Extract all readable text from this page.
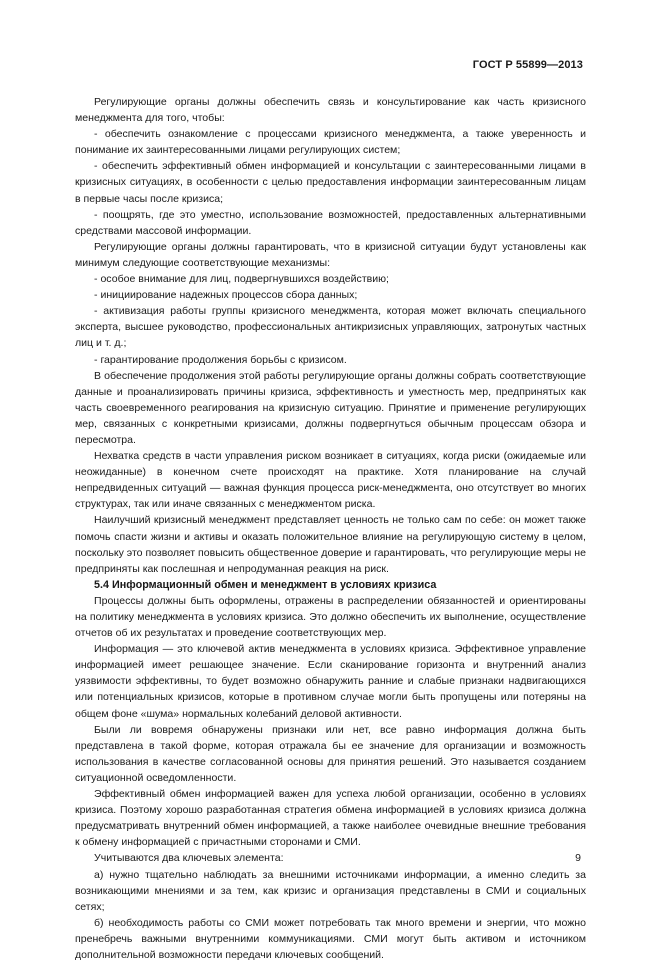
ГОСТ Р 55899—2013

Регулирующие органы должны обеспечить связь и консультирование как часть кризисного менеджмента для того, чтобы:

- обеспечить ознакомление с процессами кризисного менеджмента, а также уверенность и понимание их заинтересованными лицами регулирующих систем;

- обеспечить эффективный обмен информацией и консультации с заинтересованными лицами в кризисных ситуациях, в особенности с целью предоставления информации заинтересованным лицам в первые часы после кризиса;

- поощрять, где это уместно, использование возможностей, предоставленных альтернативными средствами массовой информации.

Регулирующие органы должны гарантировать, что в кризисной ситуации будут установлены как минимум следующие соответствующие механизмы:

- особое внимание для лиц, подвергнувшихся воздействию;

- инициирование надежных процессов сбора данных;

- активизация работы группы кризисного менеджмента, которая может включать специального эксперта, высшее руководство, профессиональных антикризисных управляющих, затронутых частных лиц и т. д.;

- гарантирование продолжения борьбы с кризисом.

В обеспечение продолжения этой работы регулирующие органы должны собрать соответствующие данные и проанализировать причины кризиса, эффективность и уместность мер, предпринятых как часть своевременного реагирования на кризисную ситуацию. Принятие и применение регулирующих мер, связанных с конкретными кризисами, должны подвергнуться обычным процессам обзора и пересмотра.

Нехватка средств в части управления риском возникает в ситуациях, когда риски (ожидаемые или неожиданные) в конечном счете происходят на практике. Хотя планирование на случай непредвиденных ситуаций — важная функция процесса риск-менеджмента, оно отсутствует во многих структурах, так или иначе связанных с менеджментом риска.

Наилучший кризисный менеджмент представляет ценность не только сам по себе: он может также помочь спасти жизни и активы и оказать положительное влияние на регулирующую систему в целом, поскольку это позволяет повысить общественное доверие и гарантировать, что регулирующие меры не предприняты как послешная и непродуманная реакция на риск.

5.4 Информационный обмен и менеджмент в условиях кризиса

Процессы должны быть оформлены, отражены в распределении обязанностей и ориентированы на политику менеджмента в условиях кризиса. Это должно обеспечить их выполнение, осуществление отчетов об их результатах и проведение соответствующих мер.

Информация — это ключевой актив менеджмента в условиях кризиса. Эффективное управление информацией имеет решающее значение. Если сканирование горизонта и внутренний анализ уязвимости эффективны, то будет возможно обнаружить ранние и слабые признаки надвигающихся или потенциальных кризисов, которые в противном случае могли быть пропущены или потеряны на общем фоне «шума» нормальных колебаний деловой активности.

Были ли вовремя обнаружены признаки или нет, все равно информация должна быть представлена в такой форме, которая отражала бы ее значение для организации и возможность использования в качестве согласованной основы для принятия решений. Это называется созданием ситуационной осведомленности.

Эффективный обмен информацией важен для успеха любой организации, особенно в условиях кризиса. Поэтому хорошо разработанная стратегия обмена информацией в условиях кризиса должна предусматривать внутренний обмен информацией, а также наиболее очевидные внешние требования к обмену информацией с причастными сторонами и СМИ.

Учитываются два ключевых элемента:

а) нужно тщательно наблюдать за внешними источниками информации, а именно следить за возникающими мнениями и за тем, как кризис и организация представлены в СМИ и социальных сетях;

б) необходимость работы со СМИ может потребовать так много времени и энергии, что можно пренебречь важными внутренними коммуникациями. СМИ могут быть активом и источником дополнительной возможности передачи ключевых сообщений.

9
